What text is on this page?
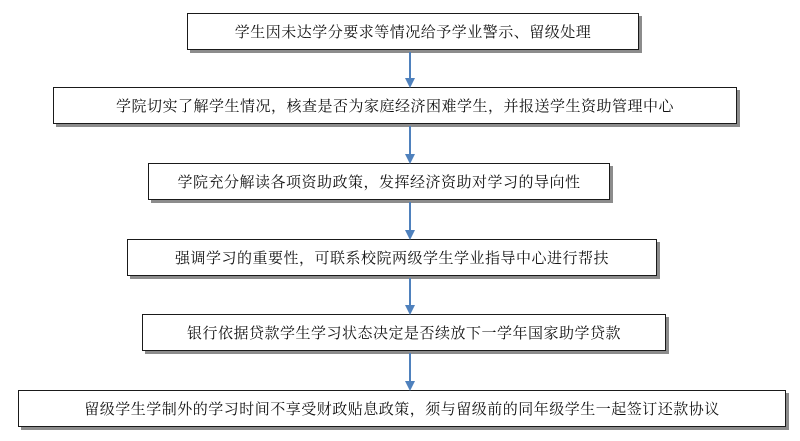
学生因未达学分要求等情况给予学业警示、留级处理
学院切实了解学生情况，核查是否为家庭经济困难学生，并报送学生资助管理中心
学院充分解读各项资助政策，发挥经济资助对学习的导向性
强调学习的重要性，可联系校院两级学生学业指导中心进行帮扶
银行依据贷款学生学习状态决定是否续放下一学年国家助学贷款
留级学生学制外的学习时间不享受财政贴息政策，须与留级前的同年级学生一起签订还款协议
